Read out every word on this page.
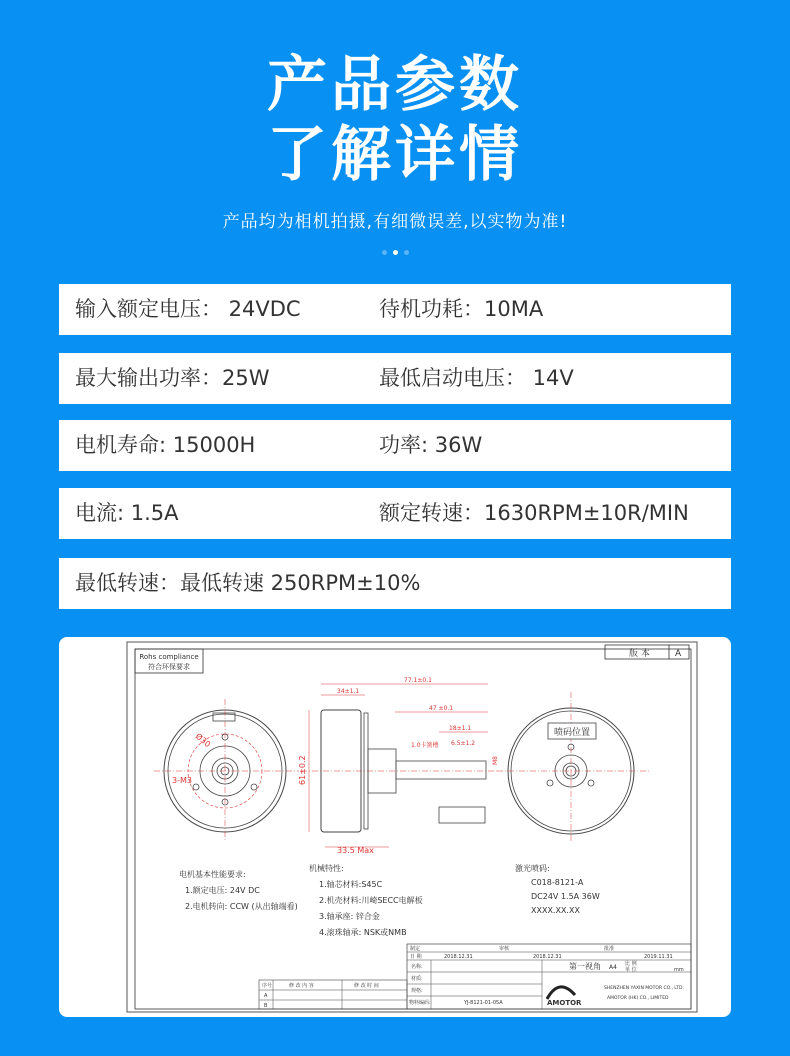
产品参数
了解详情
产品均为相机拍摄,有细微误差,以实物为准!

输入额定电压： 24VDC	待机功耗：10MA
最大输出功率：25W	最低启动电压： 14V
电机寿命: 15000H	功率: 36W
电流: 1.5A	额定转速：1630RPM±10R/MIN
最低转速：最低转速 250RPM±10%
Rohs compliance
符合环保要求
版 本	A
Ø30
3-M3
77.1±0.1
34±1.1
47 ±0.1
18±1.1
6.5±1.2
1.0卡簧槽
61±0.2
33.5 Max
M8
喷码位置
电机基本性能要求:
1.额定电压: 24V DC
2.电机转向: CCW (从出轴端看)
机械特性:
1.轴芯材料:S45C
2.机壳材料:川崎SECC电解板
3.轴承座: 锌合金
4.滚珠轴承: NSK或NMB
激光喷码:
C018-8121-A
DC24V 1.5A 36W
XXXX.XX.XX
序号	修 改 内 容	修 改 时 间
A
B
制定
日 期	2018.12.31
审核
2018.12.31
批准
2019.11.31
名称:
材质:
规格:
物料编码:	YJ-8121-01-05A
第一视角 A4 比 例
单 位	mm
AMOTOR
SHENZHEN YAXIN MOTOR CO., LTD.
AMOTOR (HK) CO., LIMITED
